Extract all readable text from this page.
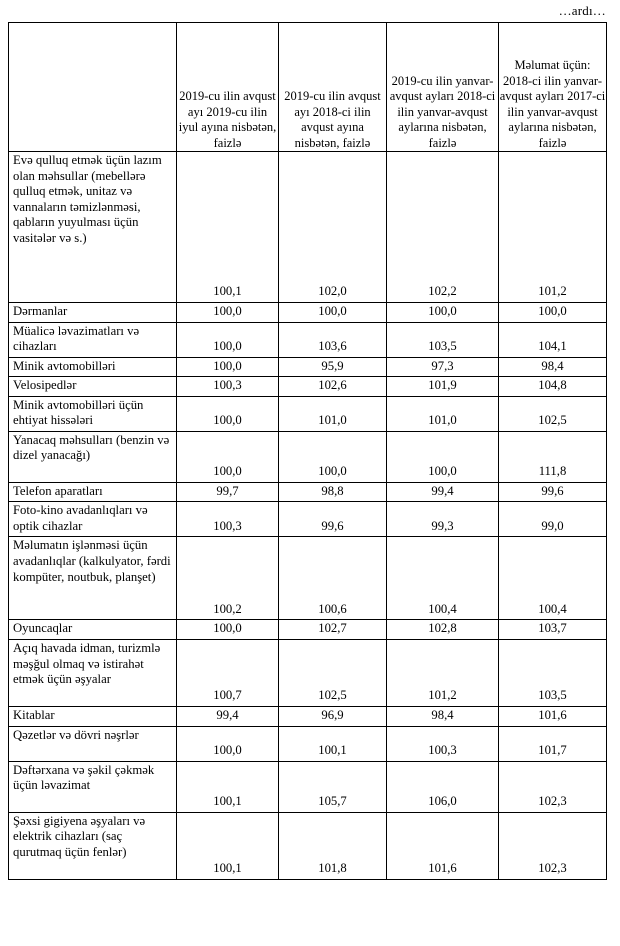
…ardı…
	2019-cu ilin avqust ayı 2019-cu ilin iyul ayına nisbətən, faizlə	2019-cu ilin avqust ayı 2018-ci ilin avqust ayına nisbətən, faizlə	2019-cu ilin yanvar-avqust ayları 2018-ci ilin yanvar-avqust aylarına nisbətən, faizlə	Məlumat üçün: 2018-ci ilin yanvar-avqust ayları 2017-ci ilin yanvar-avqust aylarına nisbətən, faizlə
Evə qulluq etmək üçün lazım olan məhsullar (mebellərə qulluq etmək, unitaz və vannaların təmizlənməsi, qabların yuyulması üçün vasitələr və s.)	100,1	102,0	102,2	101,2
Dərmanlar	100,0	100,0	100,0	100,0
Müalicə ləvazimatları və cihazları	100,0	103,6	103,5	104,1
Minik avtomobilləri	100,0	95,9	97,3	98,4
Velosipedlər	100,3	102,6	101,9	104,8
Minik avtomobilləri üçün ehtiyat hissələri	100,0	101,0	101,0	102,5
Yanacaq məhsulları (benzin və dizel yanacağı)	100,0	100,0	100,0	111,8
Telefon aparatları	99,7	98,8	99,4	99,6
Foto-kino avadanlıqları və optik cihazlar	100,3	99,6	99,3	99,0
Məlumatın işlənməsi üçün avadanlıqlar (kalkulyator, fərdi kompüter, noutbuk, planşet)	100,2	100,6	100,4	100,4
Oyuncaqlar	100,0	102,7	102,8	103,7
Açıq havada idman, turizmlə məşğul olmaq və istirahət etmək üçün əşyalar	100,7	102,5	101,2	103,5
Kitablar	99,4	96,9	98,4	101,6
Qəzetlər və dövri nəşrlər	100,0	100,1	100,3	101,7
Dəftərxana və şəkil çəkmək üçün ləvazimat	100,1	105,7	106,0	102,3
Şəxsi gigiyena əşyaları və elektrik cihazları (saç qurutmaq üçün fenlər)	100,1	101,8	101,6	102,3
